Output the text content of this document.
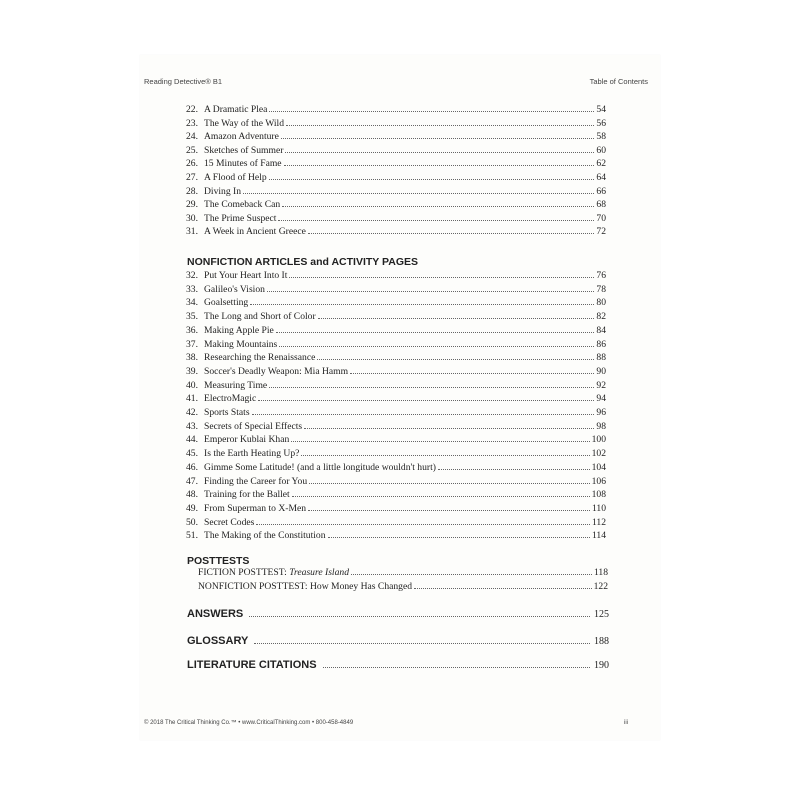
Reading Detective® B1	Table of Contents
22. A Dramatic Plea	54
23. The Way of the Wild	56
24. Amazon Adventure	58
25. Sketches of Summer	60
26. 15 Minutes of Fame	62
27. A Flood of Help	64
28. Diving In	66
29. The Comeback Can	68
30. The Prime Suspect	70
31. A Week in Ancient Greece	72
NONFICTION ARTICLES and ACTIVITY PAGES
32. Put Your Heart Into It	76
33. Galileo's Vision	78
34. Goalsetting	80
35. The Long and Short of Color	82
36. Making Apple Pie	84
37. Making Mountains	86
38. Researching the Renaissance	88
39. Soccer's Deadly Weapon: Mia Hamm	90
40. Measuring Time	92
41. ElectroMagic	94
42. Sports Stats	96
43. Secrets of Special Effects	98
44. Emperor Kublai Khan	100
45. Is the Earth Heating Up?	102
46. Gimme Some Latitude! (and a little longitude wouldn't hurt)	104
47. Finding the Career for You	106
48. Training for the Ballet	108
49. From Superman to X-Men	110
50. Secret Codes	112
51. The Making of the Constitution	114
POSTTESTS
FICTION POSTTEST: Treasure Island	118
NONFICTION POSTTEST: How Money Has Changed	122
ANSWERS	125
GLOSSARY	188
LITERATURE CITATIONS	190
© 2018 The Critical Thinking Co.™ • www.CriticalThinking.com • 800-458-4849	iii
